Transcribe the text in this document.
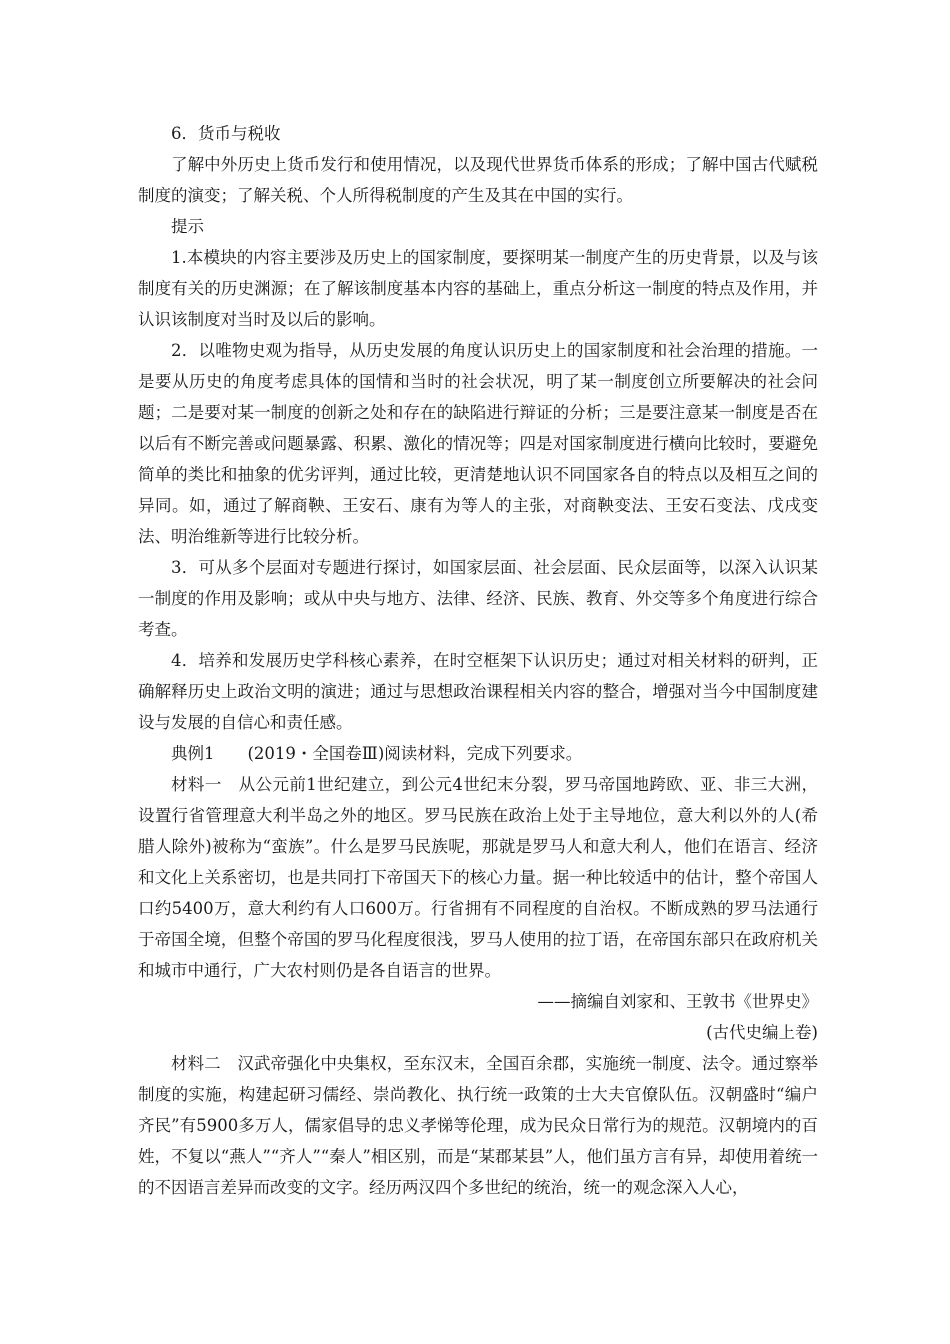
6．货币与税收

了解中外历史上货币发行和使用情况，以及现代世界货币体系的形成；了解中国古代赋税制度的演变；了解关税、个人所得税制度的产生及其在中国的实行。

提示

1.本模块的内容主要涉及历史上的国家制度，要探明某一制度产生的历史背景，以及与该制度有关的历史渊源；在了解该制度基本内容的基础上，重点分析这一制度的特点及作用，并认识该制度对当时及以后的影响。

2．以唯物史观为指导，从历史发展的角度认识历史上的国家制度和社会治理的措施。一是要从历史的角度考虑具体的国情和当时的社会状况，明了某一制度创立所要解决的社会问题；二是要对某一制度的创新之处和存在的缺陷进行辩证的分析；三是要注意某一制度是否在以后有不断完善或问题暴露、积累、激化的情况等；四是对国家制度进行横向比较时，要避免简单的类比和抽象的优劣评判，通过比较，更清楚地认识不同国家各自的特点以及相互之间的异同。如，通过了解商鞅、王安石、康有为等人的主张，对商鞅变法、王安石变法、戊戌变法、明治维新等进行比较分析。

3．可从多个层面对专题进行探讨，如国家层面、社会层面、民众层面等，以深入认识某一制度的作用及影响；或从中央与地方、法律、经济、民族、教育、外交等多个角度进行综合考查。

4．培养和发展历史学科核心素养，在时空框架下认识历史；通过对相关材料的研判，正确解释历史上政治文明的演进；通过与思想政治课程相关内容的整合，增强对当今中国制度建设与发展的自信心和责任感。

典例1   (2019・全国卷Ⅲ)阅读材料，完成下列要求。

材料一　从公元前1世纪建立，到公元4世纪末分裂，罗马帝国地跨欧、亚、非三大洲，设置行省管理意大利半岛之外的地区。罗马民族在政治上处于主导地位，意大利以外的人(希腊人除外)被称为“蛮族”。什么是罗马民族呢，那就是罗马人和意大利人，他们在语言、经济和文化上关系密切，也是共同打下帝国天下的核心力量。据一种比较适中的估计，整个帝国人口约5400万，意大利约有人口600万。行省拥有不同程度的自治权。不断成熟的罗马法通行于帝国全境，但整个帝国的罗马化程度很浅，罗马人使用的拉丁语，在帝国东部只在政府机关和城市中通行，广大农村则仍是各自语言的世界。

——摘编自刘家和、王敦书《世界史》

(古代史编上卷)

材料二　汉武帝强化中央集权，至东汉末，全国百余郡，实施统一制度、法令。通过察举制度的实施，构建起研习儒经、崇尚教化、执行统一政策的士大夫官僚队伍。汉朝盛时“编户齐民”有5900多万人，儒家倡导的忠义孝悌等伦理，成为民众日常行为的规范。汉朝境内的百姓，不复以“燕人”“齐人”“秦人”相区别，而是“某郡某县”人，他们虽方言有异，却使用着统一的不因语言差异而改变的文字。经历两汉四个多世纪的统治，统一的观念深入人心，
